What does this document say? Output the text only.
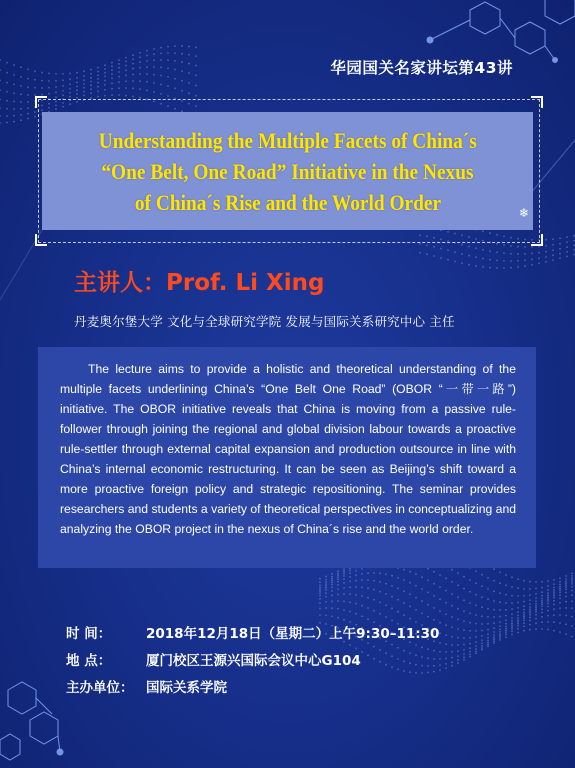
华园国关名家讲坛第43讲
Understanding the Multiple Facets of China´s
“One Belt, One Road” Initiative in the Nexus
of China´s Rise and the World Order	❄
主讲人：Prof. Li Xing
丹麦奥尔堡大学 文化与全球研究学院 发展与国际关系研究中心 主任

The lecture aims to provide a holistic and theoretical understanding of the multiple facets underlining China’s “One Belt One Road” (OBOR “一带一路”) initiative. The OBOR initiative reveals that China is moving from a passive rule-follower through joining the regional and global division labour towards a proactive rule-settler through external capital expansion and production outsource in line with China’s internal economic restructuring. It can be seen as Beijing’s shift toward a more proactive foreign policy and strategic repositioning. The seminar provides researchers and students a variety of theoretical perspectives in conceptualizing and analyzing the OBOR project in the nexus of China´s rise and the world order.

时 间：	2018年12月18日（星期二）上午9:30–11:30
地 点：	厦门校区王源兴国际会议中心G104
主办单位： 国际关系学院
